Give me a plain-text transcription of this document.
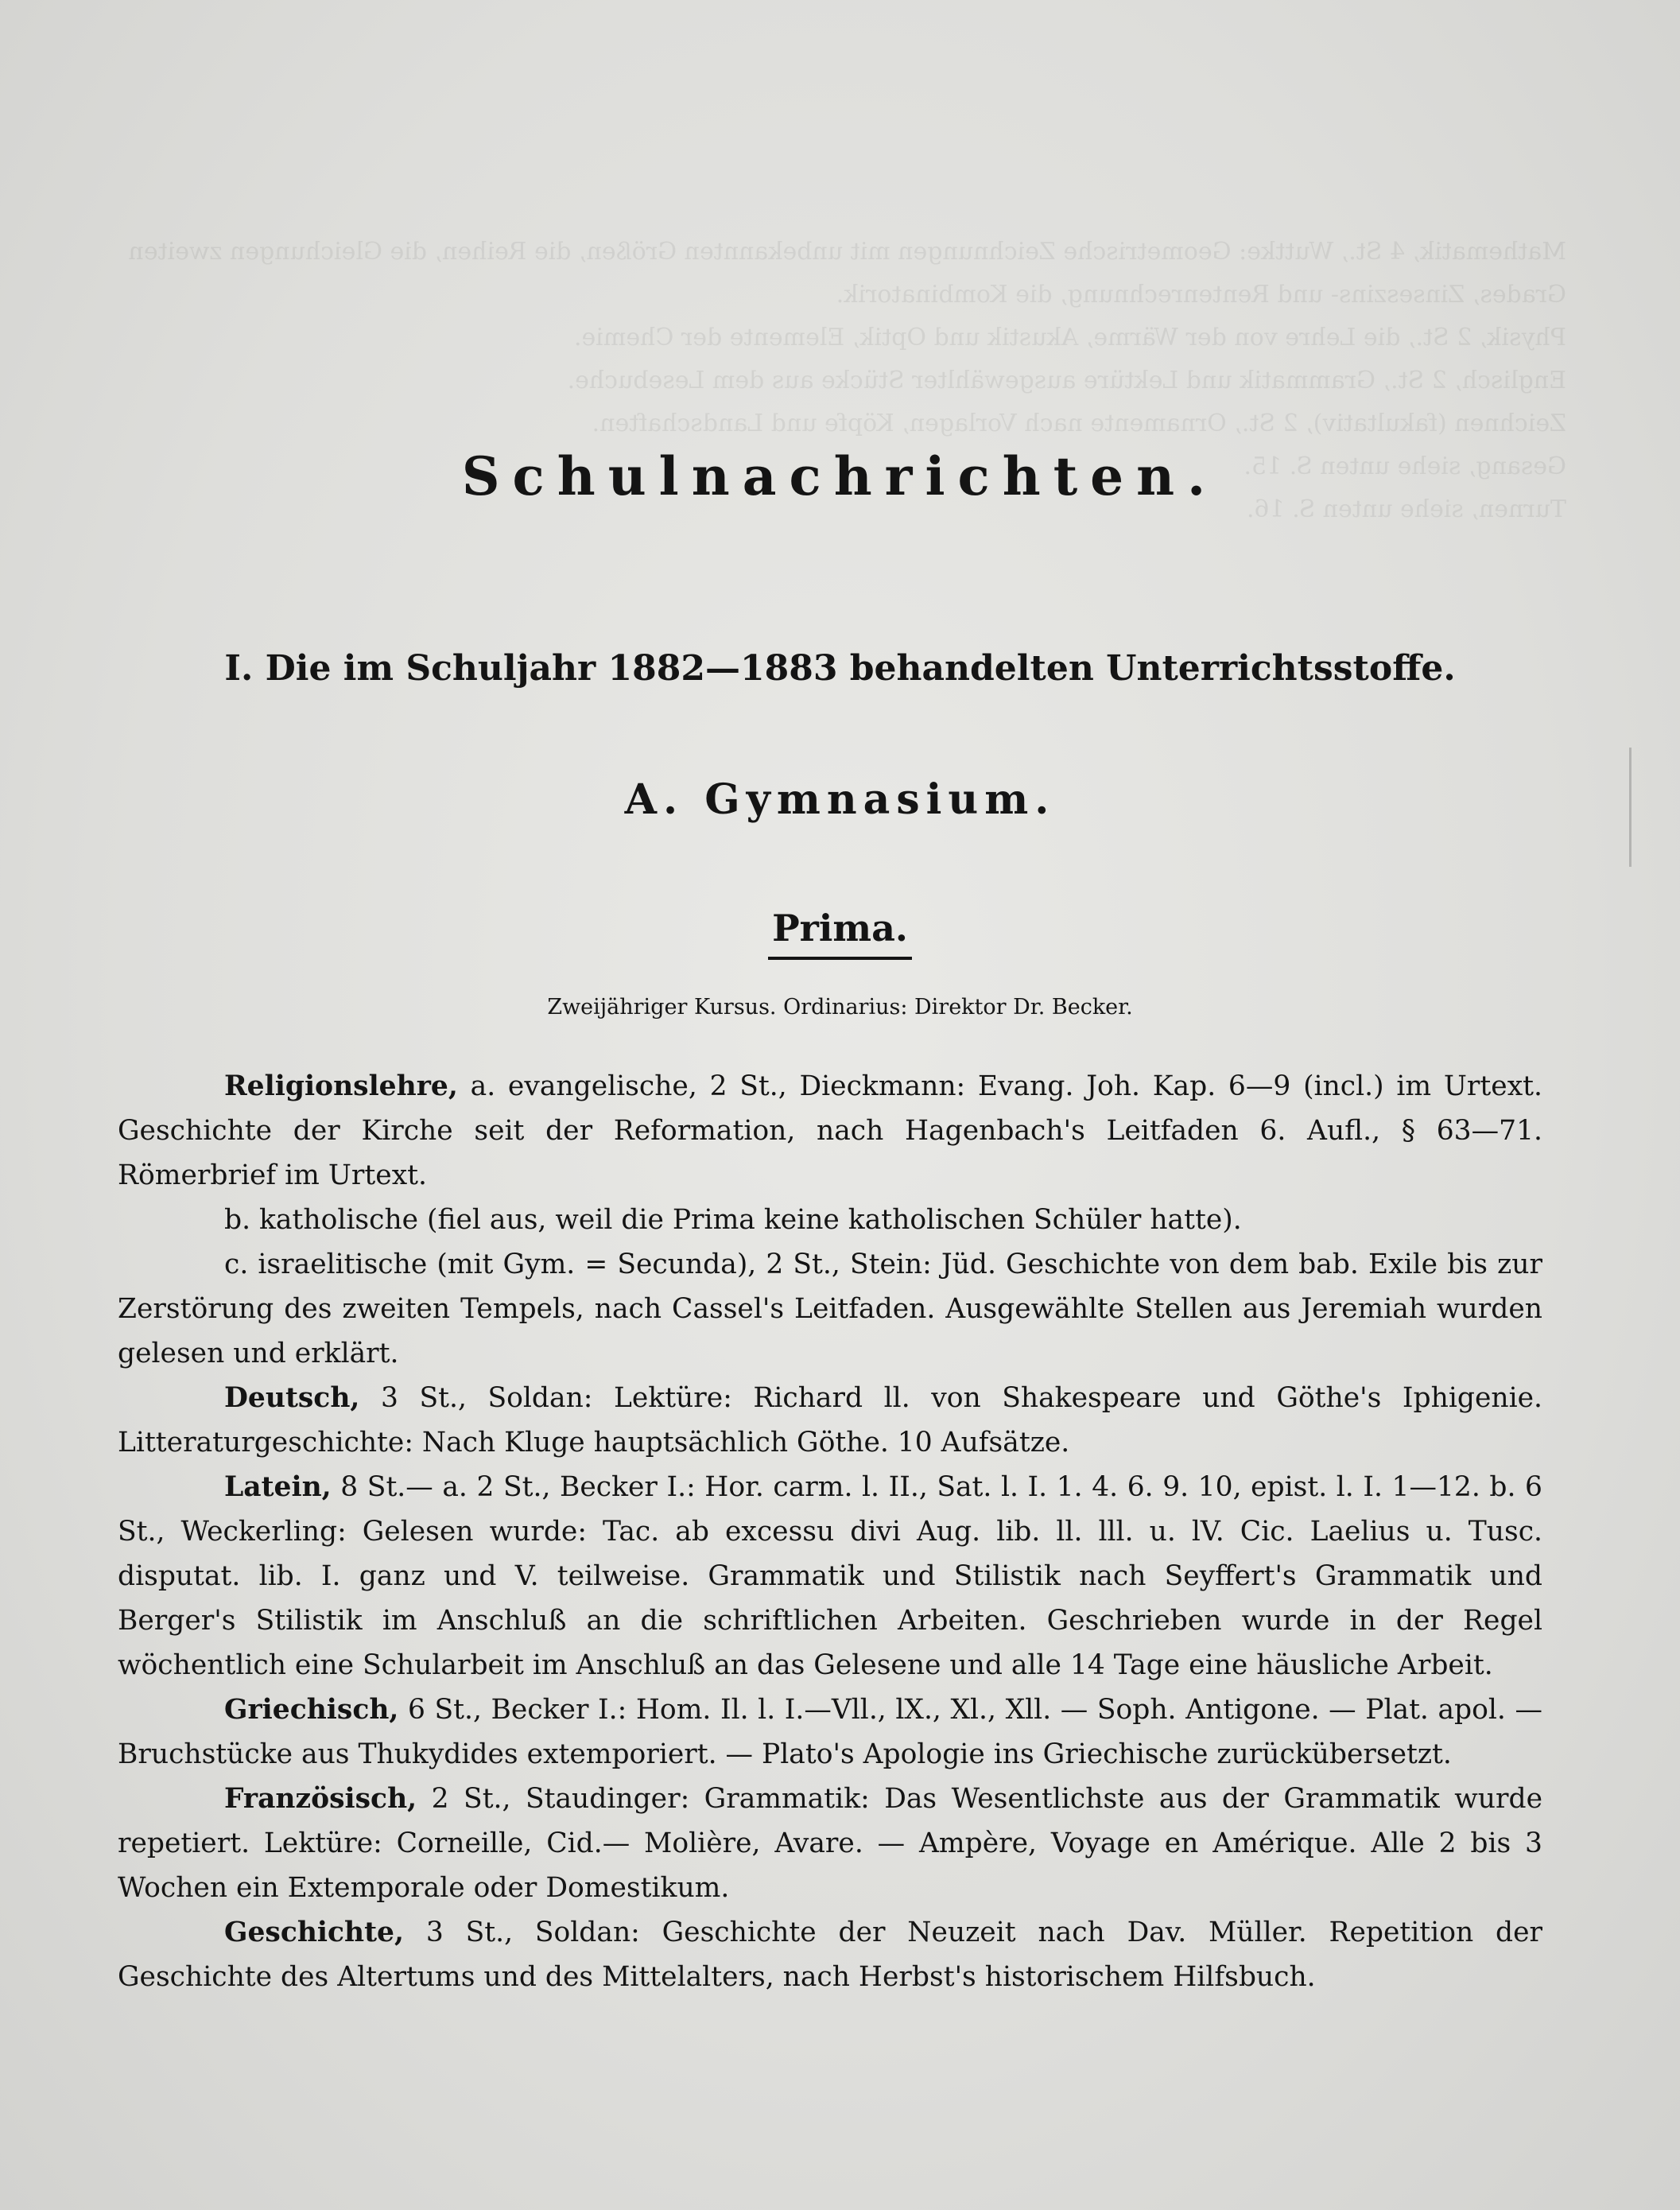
Mathematik, 4 St., Wuttke: Geometrische Zeichnungen mit unbekannten Größen, die Reihen, die Gleichungen zweiten Grades, Zinseszins- und Rentenrechnung, die Kombinatorik.

Physik, 2 St., die Lehre von der Wärme, Akustik und Optik, Elemente der Chemie.

Englisch, 2 St., Grammatik und Lektüre ausgewählter Stücke aus dem Lesebuche.

Zeichnen (fakultativ), 2 St., Ornamente nach Vorlagen, Köpfe und Landschaften.

Gesang, siehe unten S. 15.

Turnen, siehe unten S. 16.

Schulnachrichten.
I. Die im Schuljahr 1882—1883 behandelten Unterrichtsstoffe.
A. Gymnasium.
Prima.

Zweijähriger Kursus. Ordinarius: Direktor Dr. Becker.

Religionslehre, a. evangelische, 2 St., Dieckmann: Evang. Joh. Kap. 6—9 (incl.) im Urtext. Geschichte der Kirche seit der Reformation, nach Hagenbach's Leitfaden 6. Aufl., § 63—71. Römerbrief im Urtext.

b. katholische (fiel aus, weil die Prima keine katholischen Schüler hatte).

c. israelitische (mit Gym. = Secunda), 2 St., Stein: Jüd. Geschichte von dem bab. Exile bis zur Zerstörung des zweiten Tempels, nach Cassel's Leitfaden. Ausgewählte Stellen aus Jeremiah wurden gelesen und erklärt.

Deutsch, 3 St., Soldan: Lektüre: Richard ll. von Shakespeare und Göthe's Iphigenie. Litteraturgeschichte: Nach Kluge hauptsächlich Göthe. 10 Aufsätze.

Latein, 8 St.— a. 2 St., Becker I.: Hor. carm. l. II., Sat. l. I. 1. 4. 6. 9. 10, epist. l. I. 1—12. b. 6 St., Weckerling: Gelesen wurde: Tac. ab excessu divi Aug. lib. ll. lll. u. lV. Cic. Laelius u. Tusc. disputat. lib. I. ganz und V. teilweise. Grammatik und Stilistik nach Seyffert's Grammatik und Berger's Stilistik im Anschluß an die schriftlichen Arbeiten. Geschrieben wurde in der Regel wöchentlich eine Schularbeit im Anschluß an das Gelesene und alle 14 Tage eine häusliche Arbeit.

Griechisch, 6 St., Becker I.: Hom. Il. l. I.—Vll., lX., Xl., Xll. — Soph. Antigone. — Plat. apol. — Bruchstücke aus Thukydides extemporiert. — Plato's Apologie ins Griechische zurückübersetzt.

Französisch, 2 St., Staudinger: Grammatik: Das Wesentlichste aus der Grammatik wurde repetiert. Lektüre: Corneille, Cid.— Molière, Avare. — Ampère, Voyage en Amérique. Alle 2 bis 3 Wochen ein Extemporale oder Domestikum.

Geschichte, 3 St., Soldan: Geschichte der Neuzeit nach Dav. Müller. Repetition der Geschichte des Altertums und des Mittelalters, nach Herbst's historischem Hilfsbuch.
